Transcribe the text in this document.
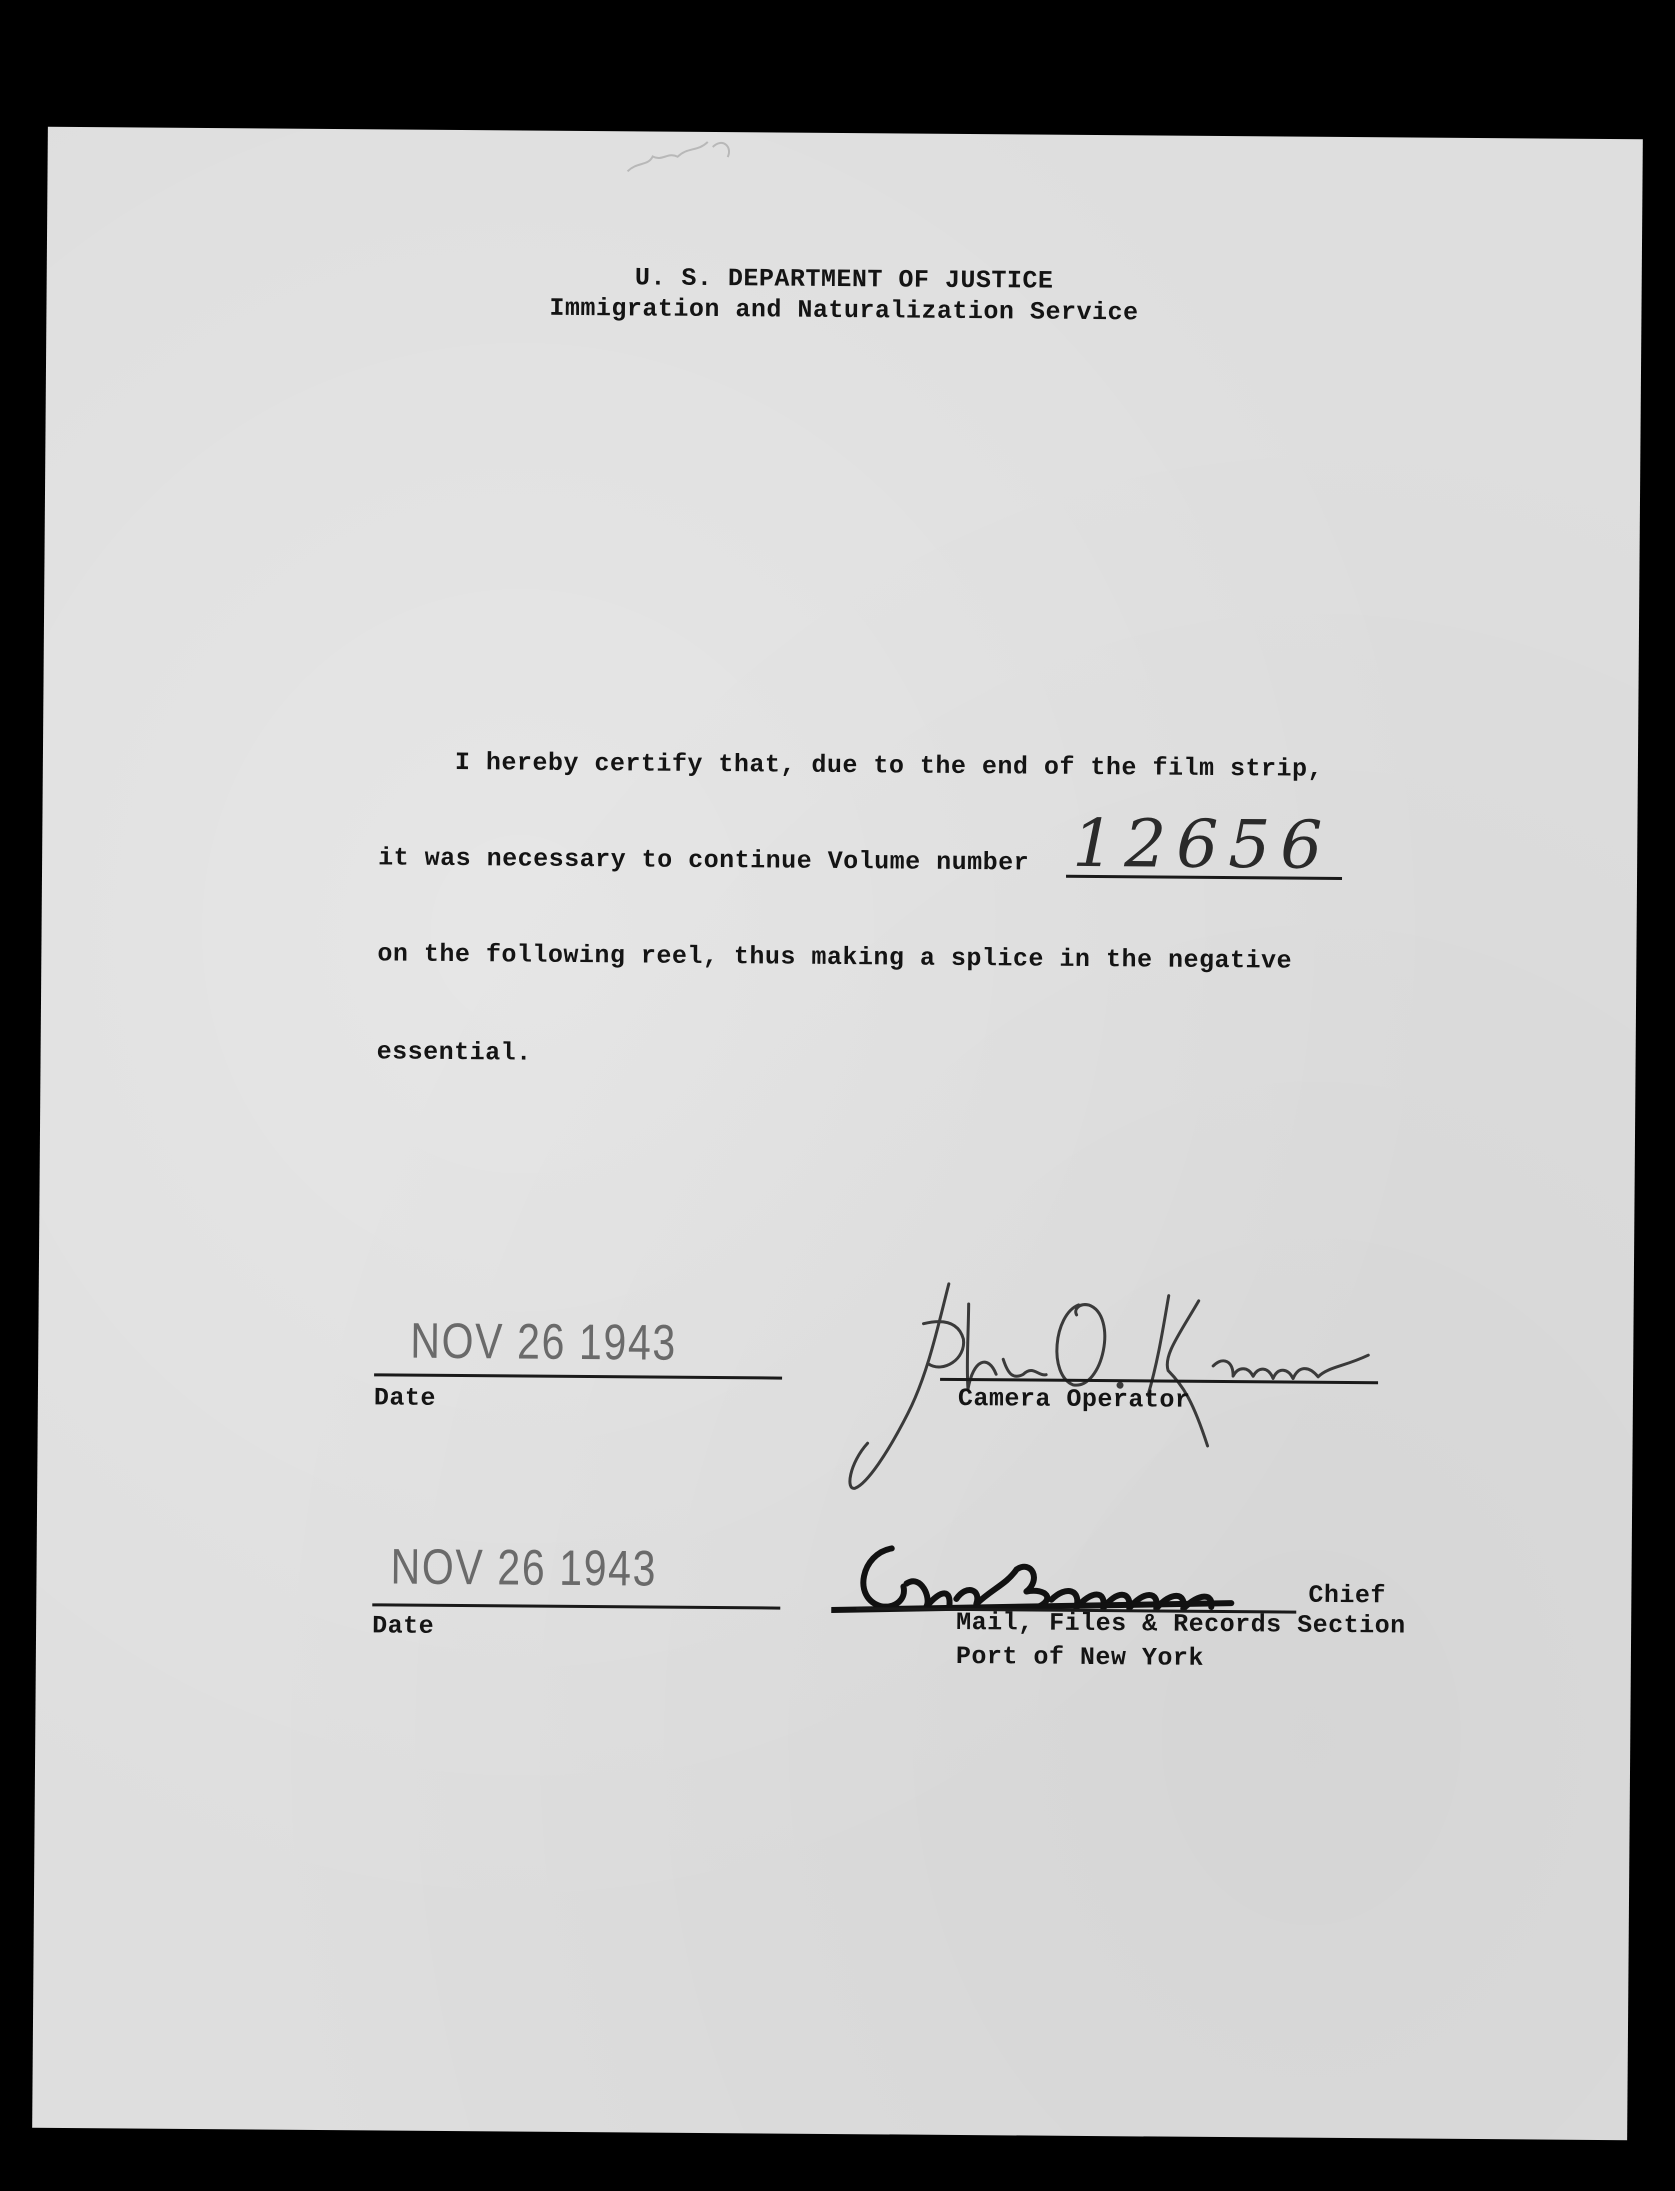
U. S. DEPARTMENT OF JUSTICE
Immigration and Naturalization Service
I hereby certify that, due to the end of the film strip,
it was necessary to continue Volume number 12656
on the following reel, thus making a splice in the negative
essential.
NOV 26 1943
Date	Camera Operator
NOV 26 1943
Date
Chief
Mail, Files & Records Section
Port of New York
